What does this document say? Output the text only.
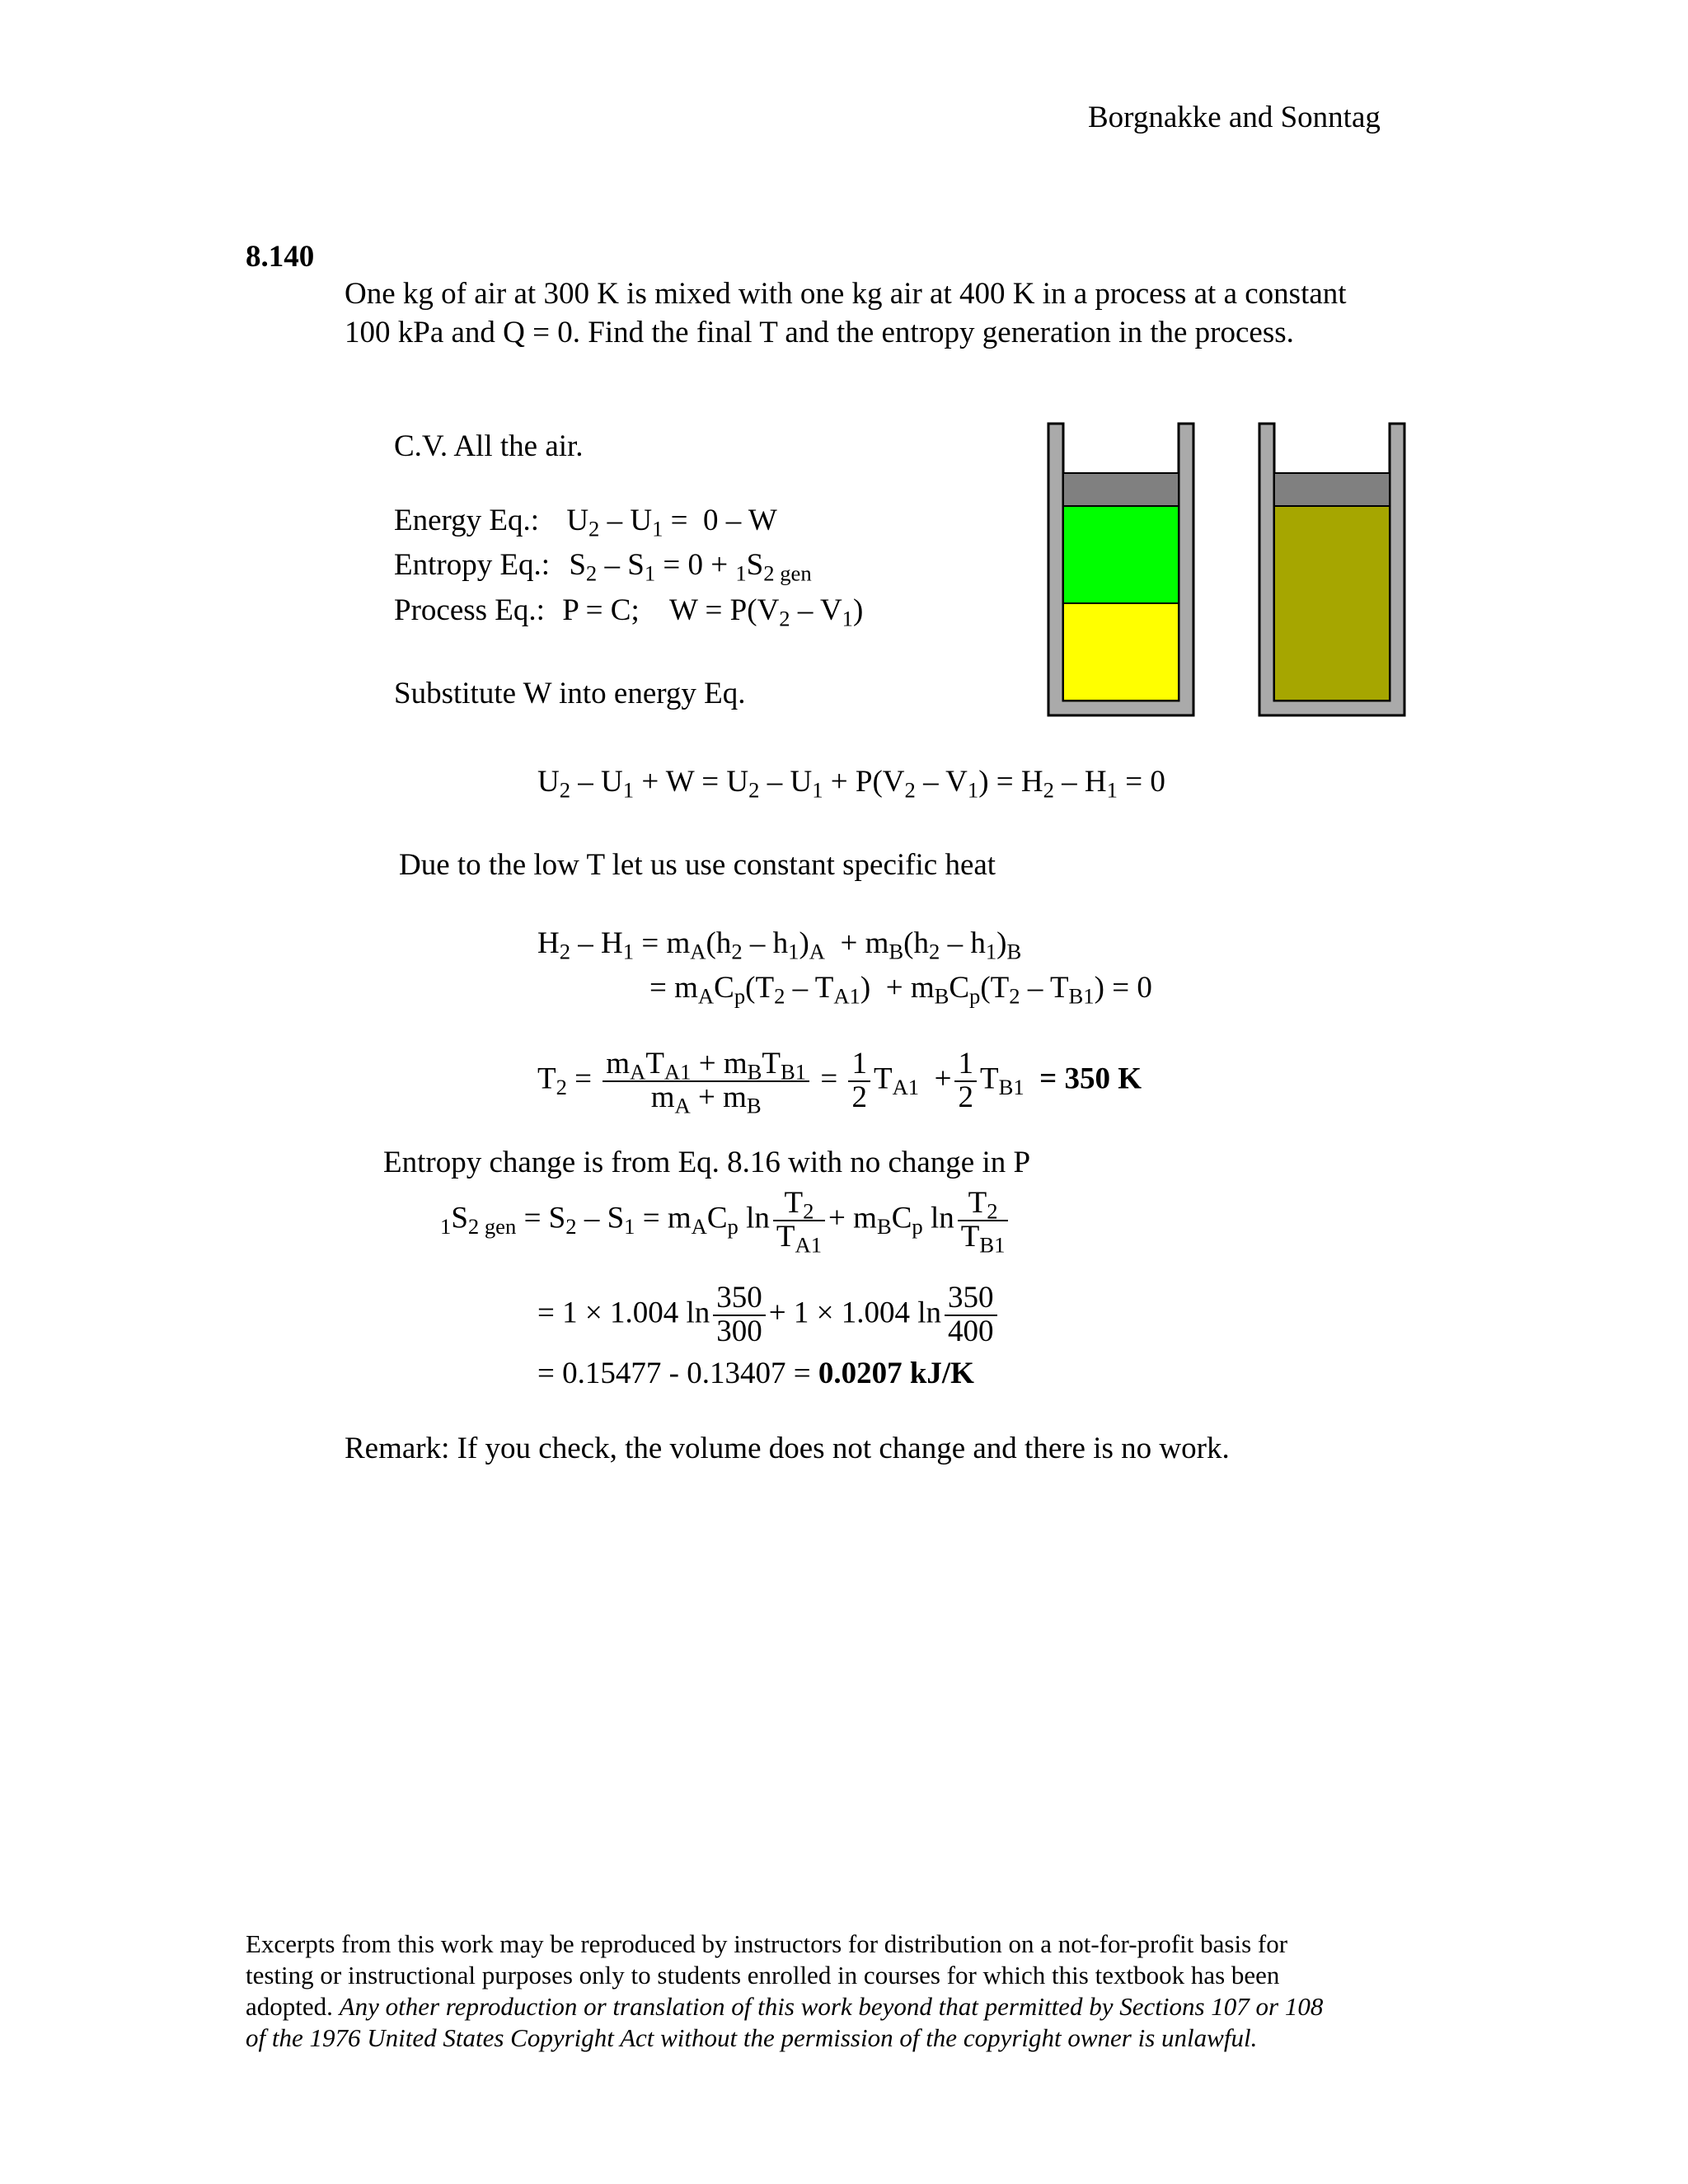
Borgnakke and Sonntag
8.140
One kg of air at 300 K is mixed with one kg air at 400 K in a process at a constant
100 kPa and Q = 0. Find the final T and the entropy generation in the process.
C.V. All the air.
Energy Eq.: $U_2 - U_1 = 0 - W$
Entropy Eq.: $S_2 - S_1 = 0 + _1S_{2 gen}$
Process Eq.: P = C;    $W = P(V_2 - V_1)$
Substitute W into energy Eq.
$U_2 - U_1 + W = U_2 - U_1 + P(V_2 - V_1) = H_2 - H_1 = 0$
Due to the low T let us use constant specific heat
$H_2 - H_1 = m_A(h_2 - h_1)_A + m_B(h_2 - h_1)_B$
= $m_AC_p(T_2 - T_{A1}) + m_BC_p(T_2 - T_{B1}) = 0$
$T_2 = \frac{m_AT_{A1} + m_BT_{B1}}{m_A + m_B} = \frac{1}{2} T_{A1} + \frac{1}{2} T_{B1} = 350$ K
Entropy change is from Eq. 8.16 with no change in P
$_1S_{2 gen} = S_2 - S_1 = m_AC_p$ $\ln \frac{T_2}{T_{A1}} + m_BC_p$ $\ln \frac{T_2}{T_{B1}}$
= 1 × 1.004 $\ln \frac{350}{300} + 1 \times 1.004$ $\ln \frac{350}{400}$
= 0.15477 - 0.13407 = 0.0207 kJ/K
Remark: If you check, the volume does not change and there is no work.
Excerpts from this work may be reproduced by instructors for distribution on a not-for-profit basis for
testing or instructional purposes only to students enrolled in courses for which this textbook has been
adopted. Any other reproduction or translation of this work beyond that permitted by Sections 107 or 108
of the 1976 United States Copyright Act without the permission of the copyright owner is unlawful.
